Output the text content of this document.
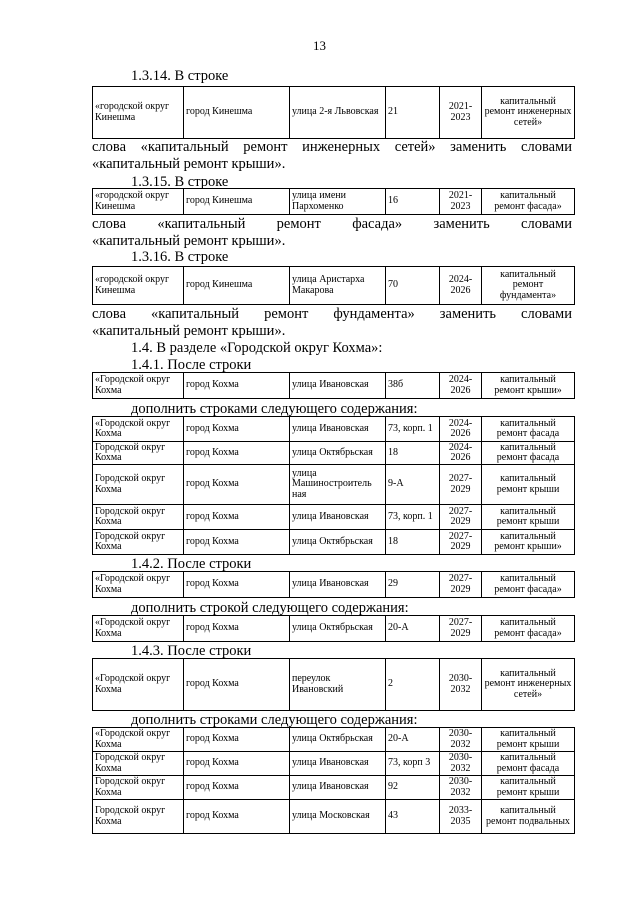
13
1.3.14. В строке
«городской округ Кинешма	город Кинешма	улица 2-я Львовская	21	2021-2023	капитальный ремонт инженерных сетей»
слова «капитальный ремонт инженерных сетей» заменить словами
«капитальный ремонт крыши».
1.3.15. В строке
«городской округ Кинешма	город Кинешма	улица имени Пархоменко	16	2021-2023	капитальный ремонт фасада»
слова «капитальный ремонт фасада» заменить словами
«капитальный ремонт крыши».
1.3.16. В строке
«городской округ Кинешма	город Кинешма	улица Аристарха Макарова	70	2024-2026	капитальный ремонт фундамента»
слова «капитальный ремонт фундамента» заменить словами
«капитальный ремонт крыши».
1.4. В разделе «Городской округ Кохма»:
1.4.1. После строки
«Городской округ Кохма	город Кохма	улица Ивановская	38б	2024-2026	капитальный ремонт крыши»
дополнить строками следующего содержания:
«Городской округ Кохма	город Кохма	улица Ивановская	73, корп. 1	2024-2026	капитальный ремонт фасада
Городской округ Кохма	город Кохма	улица Октябрьская	18	2024-2026	капитальный ремонт фасада
Городской округ Кохма	город Кохма	улица Машиностроитель ная	9-А	2027-2029	капитальный ремонт крыши
Городской округ Кохма	город Кохма	улица Ивановская	73, корп. 1	2027-2029	капитальный ремонт крыши
Городской округ Кохма	город Кохма	улица Октябрьская	18	2027-2029	капитальный ремонт крыши»
1.4.2. После строки
«Городской округ Кохма	город Кохма	улица Ивановская	29	2027-2029	капитальный ремонт фасада»
дополнить строкой следующего содержания:
«Городской округ Кохма	город Кохма	улица Октябрьская	20-А	2027-2029	капитальный ремонт фасада»
1.4.3. После строки
«Городской округ Кохма	город Кохма	переулок Ивановский	2	2030-2032	капитальный ремонт инженерных сетей»
дополнить строками следующего содержания:
«Городской округ Кохма	город Кохма	улица Октябрьская	20-А	2030-2032	капитальный ремонт крыши
Городской округ Кохма	город Кохма	улица Ивановская	73, корп 3	2030-2032	капитальный ремонт фасада
Городской округ Кохма	город Кохма	улица Ивановская	92	2030-2032	капитальный ремонт крыши
Городской округ Кохма	город Кохма	улица Московская	43	2033-2035	капитальный ремонт подвальных
